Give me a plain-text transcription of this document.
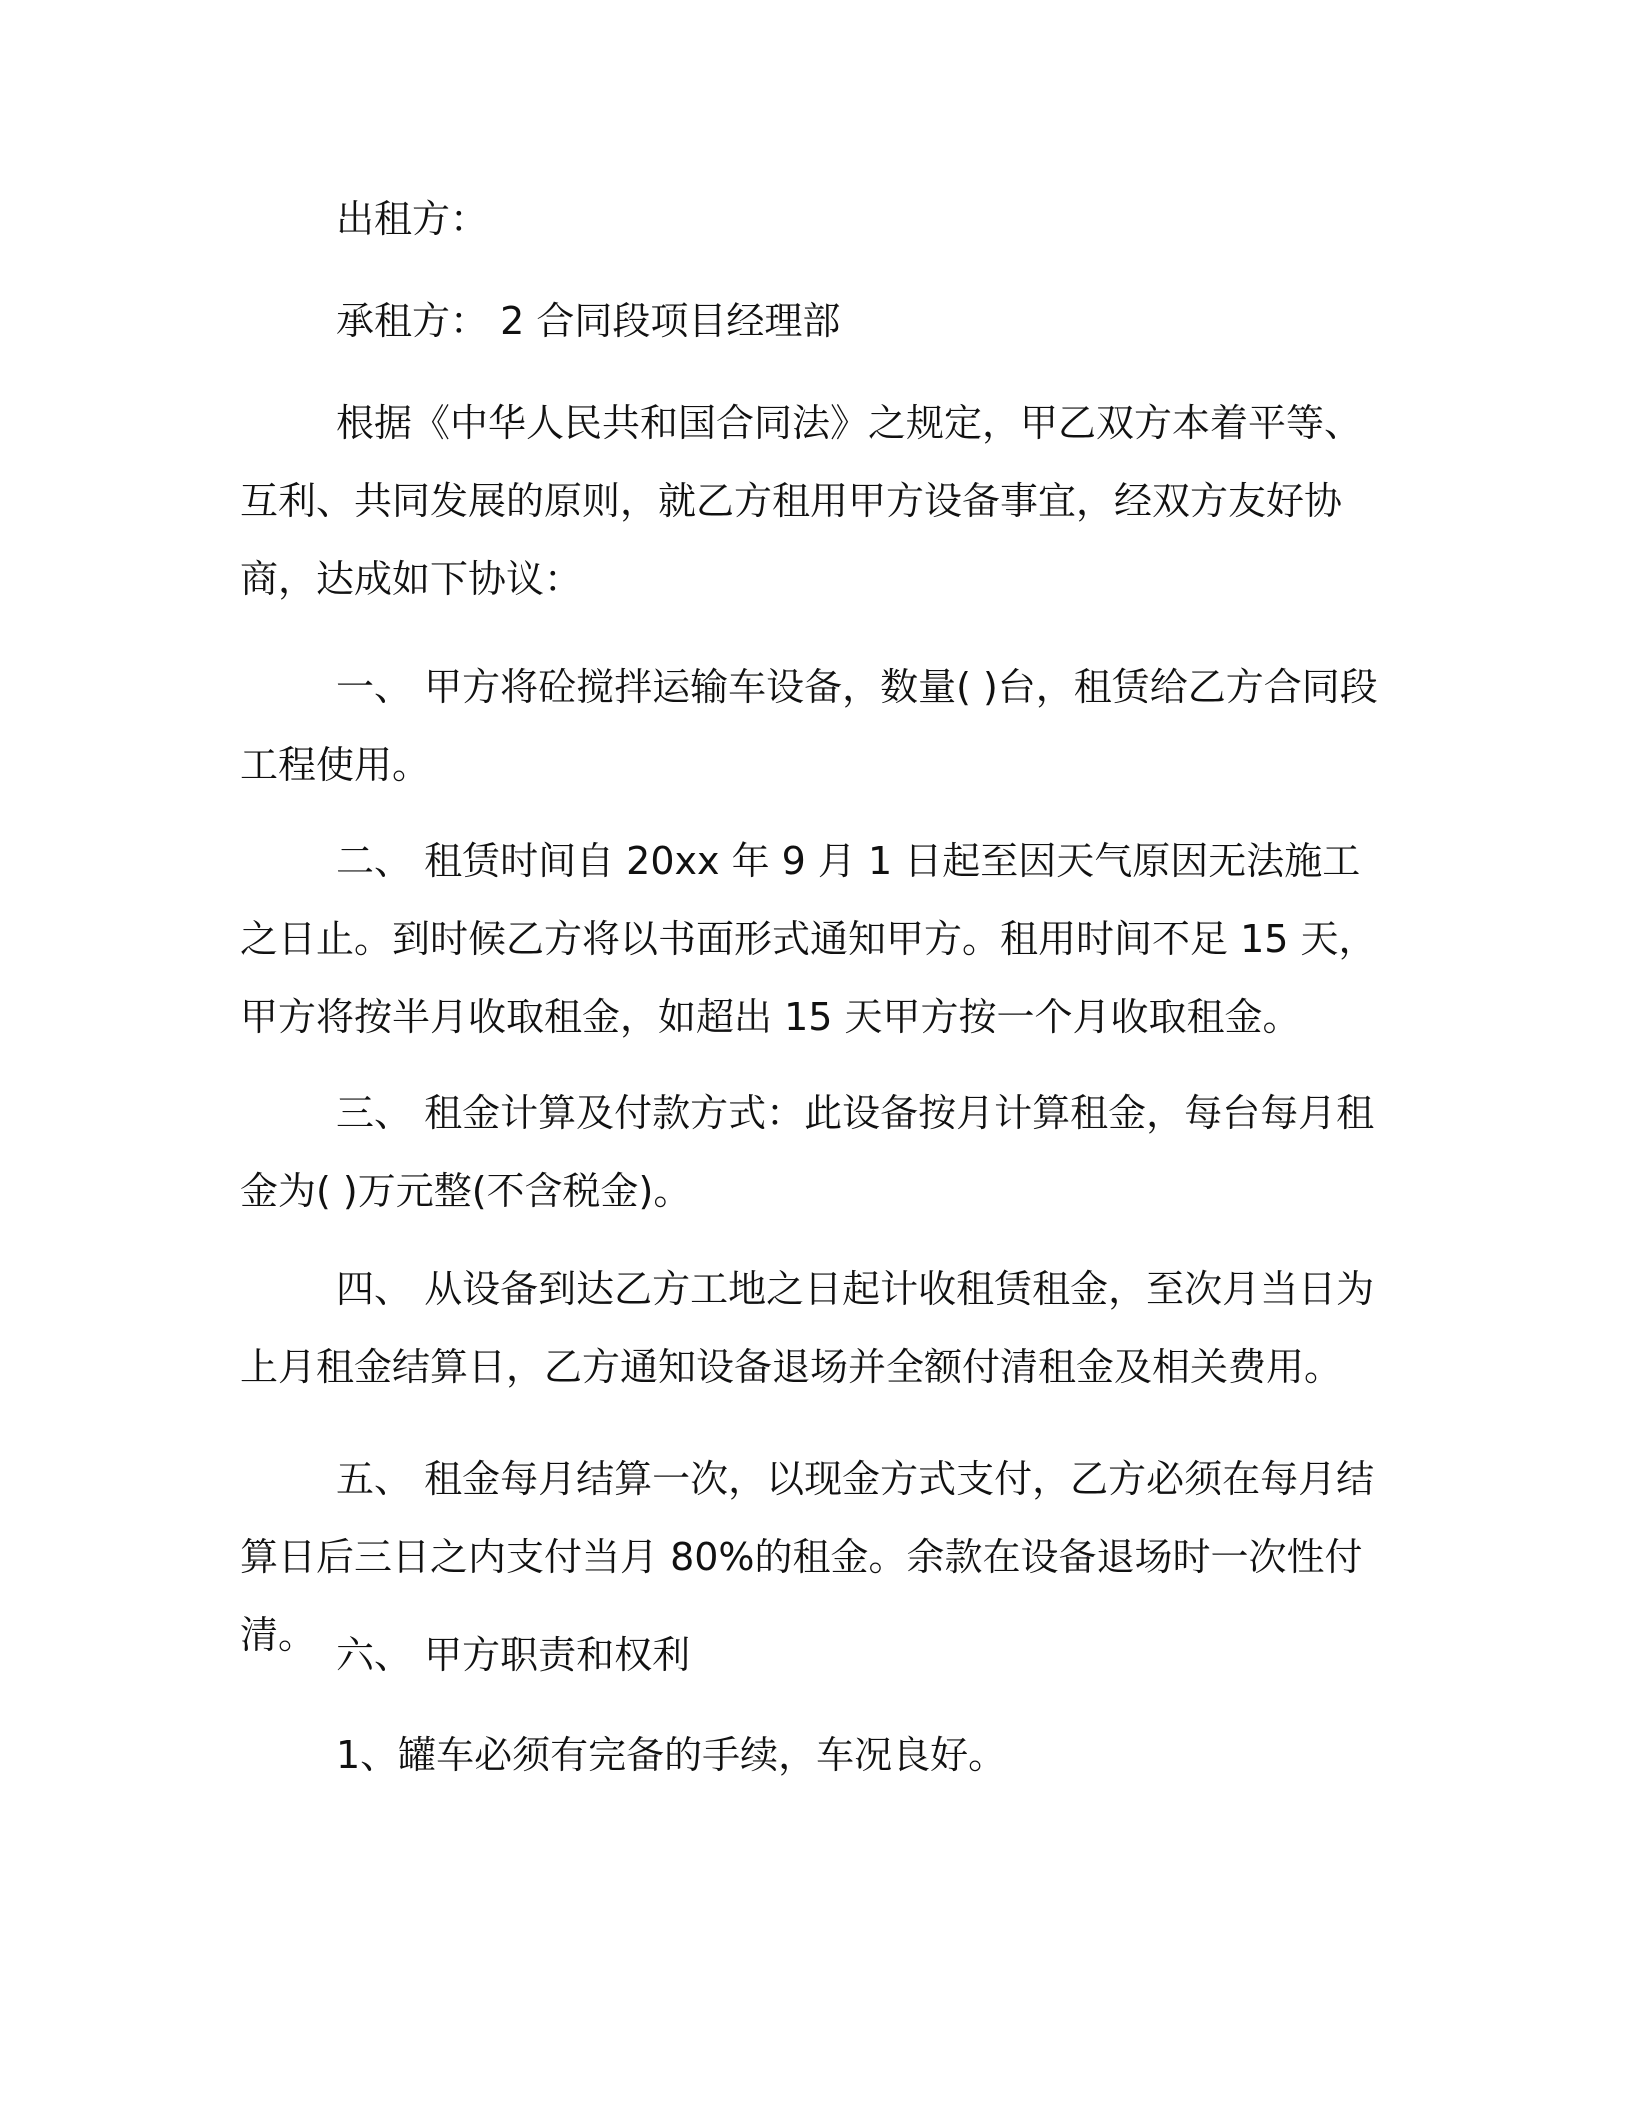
出租方：

承租方： 2 合同段项目经理部

根据《中华人民共和国合同法》之规定，甲乙双方本着平等、互利、共同发展的原则，就乙方租用甲方设备事宜，经双方友好协商，达成如下协议：

一、 甲方将砼搅拌运输车设备，数量( )台，租赁给乙方合同段工程使用。

二、 租赁时间自 20xx 年 9 月 1 日起至因天气原因无法施工之日止。到时候乙方将以书面形式通知甲方。租用时间不足 15 天，甲方将按半月收取租金，如超出 15 天甲方按一个月收取租金。

三、 租金计算及付款方式：此设备按月计算租金，每台每月租金为( )万元整(不含税金)。

四、 从设备到达乙方工地之日起计收租赁租金，至次月当日为上月租金结算日，乙方通知设备退场并全额付清租金及相关费用。

五、 租金每月结算一次，以现金方式支付，乙方必须在每月结算日后三日之内支付当月 80%的租金。余款在设备退场时一次性付清。 六、 甲方职责和权利

1、罐车必须有完备的手续，车况良好。
